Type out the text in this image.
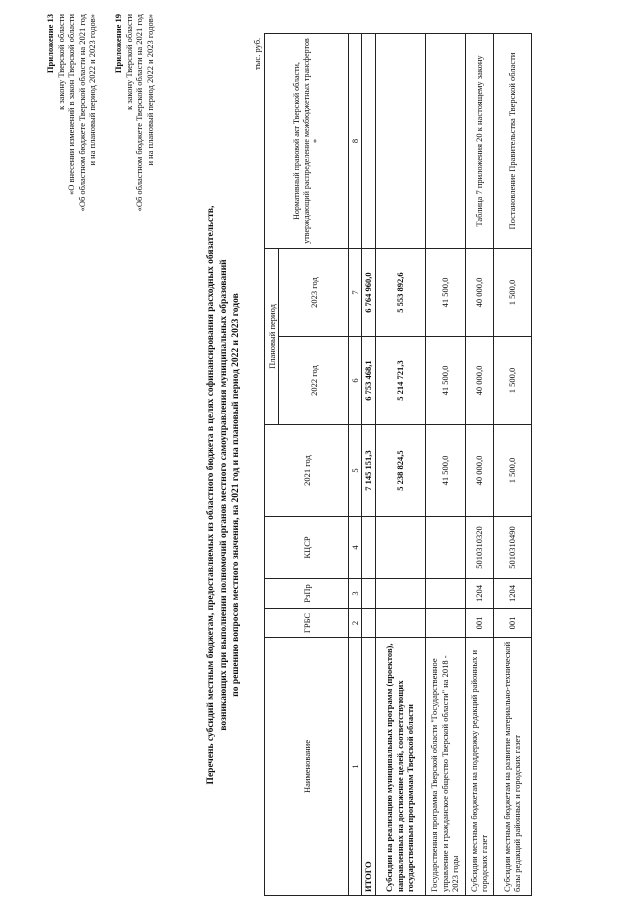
Приложение 13 к закону Тверской области «О внесении изменений в закон Тверской области «Об областном бюджете Тверской области на 2021 год и на плановый период 2022 и 2023 годов» Приложение 19 к закону Тверской области «Об областном бюджете Тверской области на 2021 год и на плановый период 2022 и 2023 годов»
Перечень субсидий местным бюджетам, предоставляемых из областного бюджета в целях софинансирования расходных обязательств, возникающих при выполнении полномочий органов местного самоуправления муниципальных образований по решению вопросов местного значения, на 2021 год и на плановый период 2022 и 2023 годов
тыс. руб.
Наименование	ГРБС	РзПр	КЦСР	2021 год	Плановый период		Нормативный правовой акт Тверской области, утверждающий распределение межбюджетных трансфертов *
					2022 год	2023 год	
1	2	3	4	5	6	7	8
ИТОГО				7 145 151,3	6 753 468,1	6 764 960,0	
Субсидии на реализацию муниципальных программ (проектов), направленных на достижение целей, соответствующих государственным программам Тверской области				5 238 824,5	5 214 721,3	5 553 892,6	
Государственная программа Тверской области "Государственное управление и гражданское общество Тверской области" на 2018 - 2023 годы				41 500,0	41 500,0	41 500,0	
Субсидии местным бюджетам на поддержку редакций районных и городских газет	001	1204	5010310320	40 000,0	40 000,0	40 000,0	Таблица 7 приложения 20 к настоящему закону
Субсидии местным бюджетам на развитие материально-технической базы редакций районных и городских газет	001	1204	5010310490	1 500,0	1 500,0	1 500,0	Постановление Правительства Тверской области
